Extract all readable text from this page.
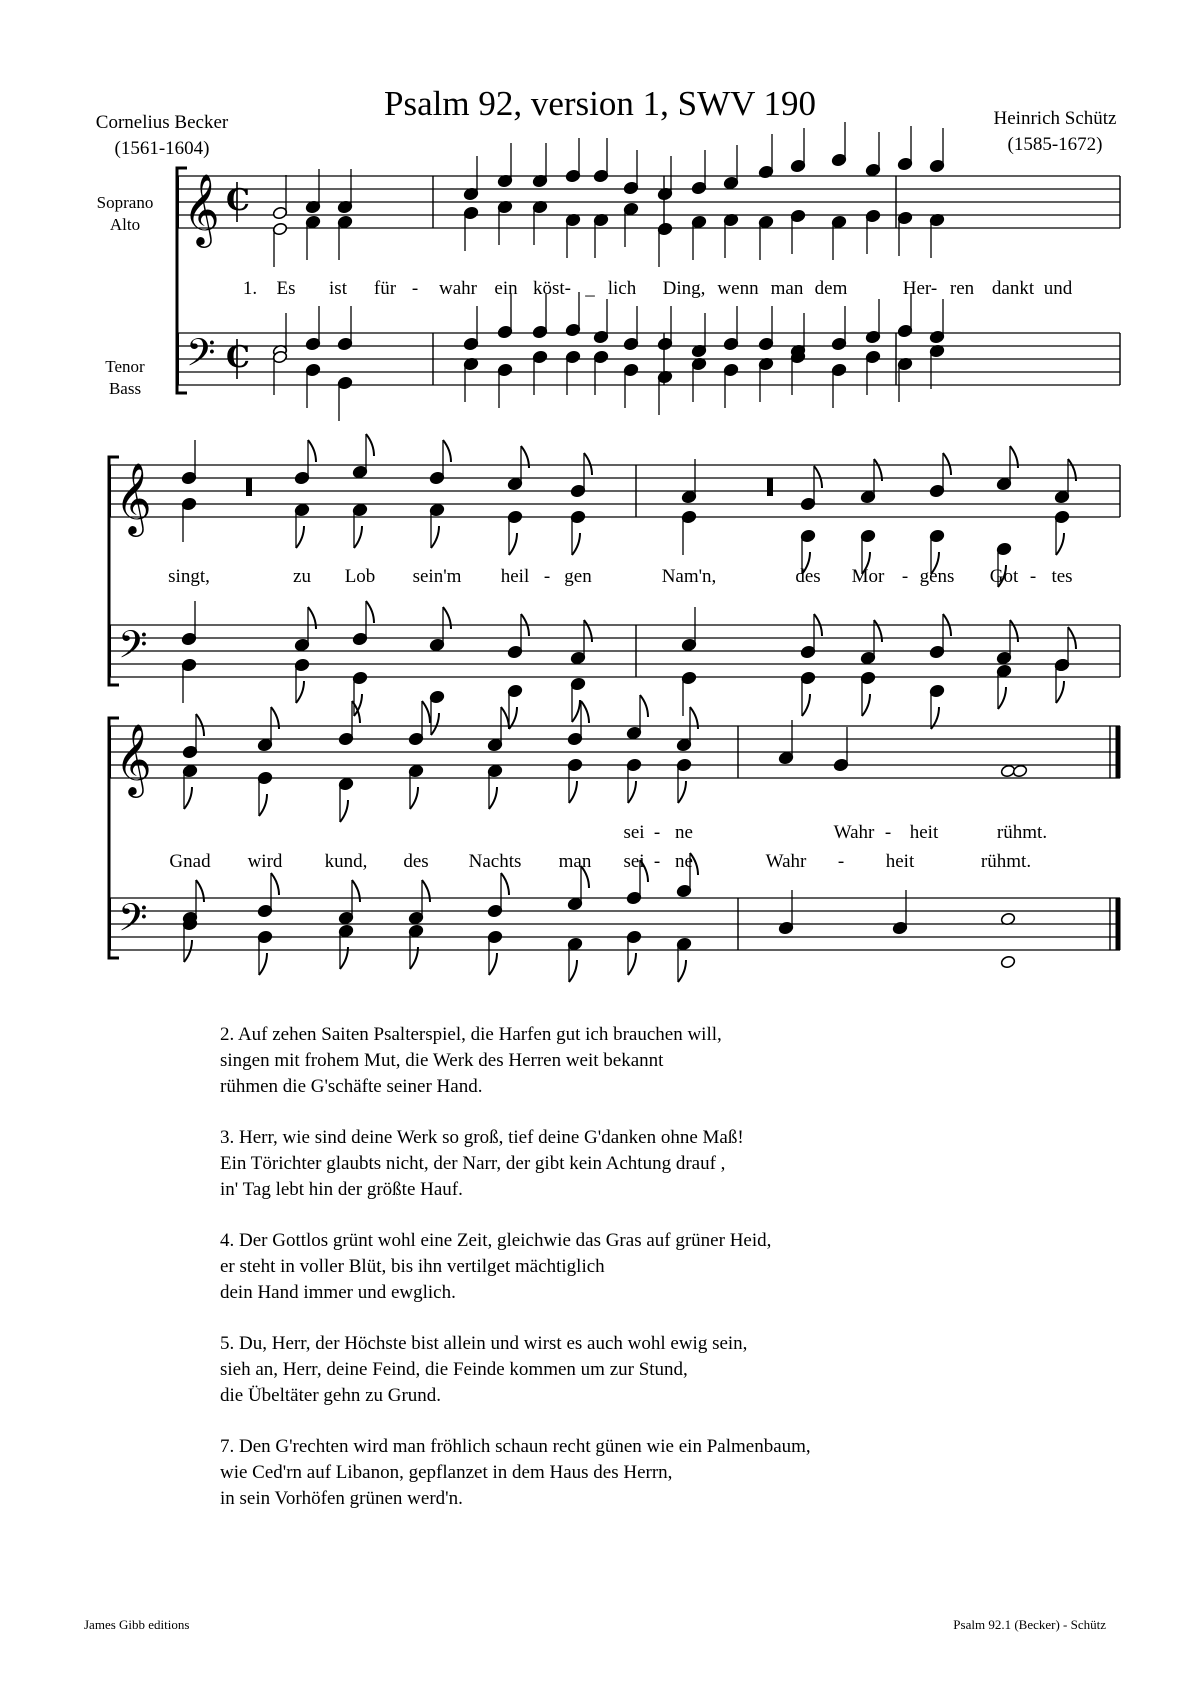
𝄞
𝄢
C
C
𝄞
𝄢
𝄞
𝄢
Psalm 92, version 1, SWV 190
Cornelius Becker
(1561-1604)
Heinrich Schütz
(1585-1672)
Soprano
Alto
Tenor
Bass
1. Es ist für - wahr ein köst- _ lich Ding, wenn man dem	Her- ren dankt und
singt,	zu Lob sein'm heil - gen	Nam'n,	des Mor - gens Got - tes
sei - ne	Wahr - heit	rühmt.
Gnad wird kund, des Nachts man sei - ne	Wahr - heit	rühmt.
2. Auf zehen Saiten Psalterspiel, die Harfen gut ich brauchen will,
singen mit frohem Mut, die Werk des Herren weit bekannt
rühmen die G'schäfte seiner Hand.
3. Herr, wie sind deine Werk so groß, tief deine G'danken ohne Maß!
Ein Törichter glaubts nicht, der Narr, der gibt kein Achtung drauf ,
in' Tag lebt hin der größte Hauf.
4. Der Gottlos grünt wohl eine Zeit, gleichwie das Gras auf grüner Heid,
er steht in voller Blüt, bis ihn vertilget mächtiglich
dein Hand immer und ewglich.
5. Du, Herr, der Höchste bist allein und wirst es auch wohl ewig sein,
sieh an, Herr, deine Feind, die Feinde kommen um zur Stund,
die Übeltäter gehn zu Grund.
7. Den G'rechten wird man fröhlich schaun recht günen wie ein Palmenbaum,
wie Ced'rn auf Libanon, gepflanzet in dem Haus des Herrn,
in sein Vorhöfen grünen werd'n.
James Gibb editions	Psalm 92.1 (Becker) - Schütz
